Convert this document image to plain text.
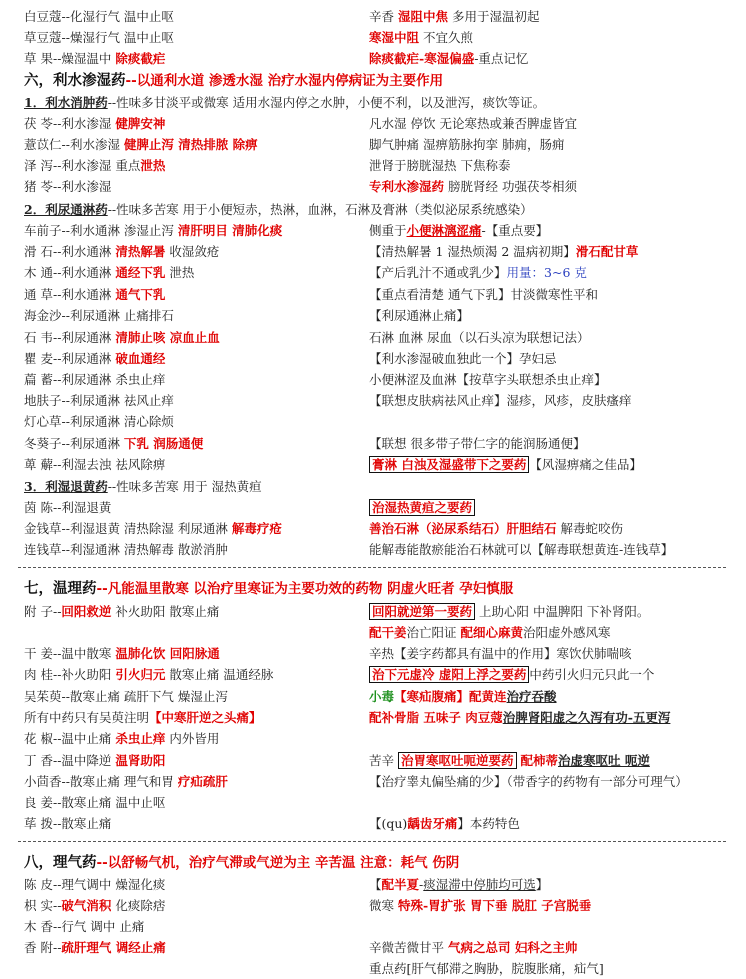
白豆蔻--化湿行气 温中止呕	辛香 湿阻中焦 多用于湿温初起
草豆蔻--燥湿行气 温中止呕	寒湿中阻 不宜久煎
草 果--燥湿温中 除痰截疟	除痰截疟-寒湿偏盛-重点记忆
六，利水渗湿药--以通利水道 渗透水湿 治疗水湿内停病证为主要作用
1．利水消肿药--性味多甘淡平或微寒 适用水湿内停之水肿，小便不利，以及泄泻，痰饮等证。
茯 苓--利水渗湿 健脾安神	凡水湿 停饮 无论寒热或兼否脾虚皆宜
薏苡仁--利水渗湿 健脾止泻 清热排脓 除痹	脚气肿痛 湿痹筋脉拘挛 肺痈，肠痈
泽 泻--利水渗湿 重点泄热	泄肾于膀胱湿热 下焦称泰
猪 苓--利水渗湿	专利水渗湿药 膀胱肾经 功强茯苓相须
2．利尿通淋药--性味多苦寒 用于小便短赤，热淋，血淋，石淋及膏淋（类似泌尿系统感染）
车前子--利水通淋 渗湿止泻 清肝明目 清肺化痰	侧重于小便淋漓涩痛-【重点要】
滑 石--利水通淋 清热解暑 收湿敛疮	【清热解暑 1 湿热烦渴 2 温病初期】滑石配甘草
木 通--利水通淋 通经下乳 泄热	【产后乳汁不通或乳少】用量：3~6 克
通 草--利水通淋 通气下乳	【重点看清楚 通气下乳】甘淡微寒性平和
海金沙--利尿通淋 止痛排石	【利尿通淋止痛】
石 韦--利尿通淋 清肺止咳 凉血止血	石淋 血淋 尿血（以石头凉为联想记法）
瞿 麦--利尿通淋 破血通经	【利水渗湿破血独此一个】孕妇忌
萹 蓄--利尿通淋 杀虫止痒	小便淋涩及血淋【按草字头联想杀虫止痒】
地肤子--利尿通淋 祛风止痒	【联想皮肤病祛风止痒】湿疹，风疹，皮肤瘙痒
灯心草--利尿通淋 清心除烦
冬葵子--利尿通淋 下乳 润肠通便	【联想 很多带子带仁字的能润肠通便】
萆 薢--利湿去浊 祛风除痹	膏淋 白浊及湿盛带下之要药 【风湿痹痛之佳品】
3．利湿退黄药--性味多苦寒 用于 湿热黄疸
茵 陈--利湿退黄	治湿热黄疸之要药
金钱草--利湿退黄 清热除湿 利尿通淋 解毒疗疮	善治石淋（泌尿系结石）肝胆结石 解毒蛇咬伤
连钱草--利湿通淋 清热解毒 散淤消肿	能解毒能散瘀能治石林就可以【解毒联想黄连-连钱草】
七，温理药--凡能温里散寒 以治疗里寒证为主要功效的药物 阴虚火旺者 孕妇慎服
附 子--回阳救逆 补火助阳 散寒止痛	回阳就逆第一要药 上助心阳 中温脾阳 下补肾阳。
配干姜治亡阳证 配细心麻黄治阳虚外感风寒
干 姜--温中散寒 温肺化饮 回阳脉通	辛热【姜字药都具有温中的作用】寒饮伏肺喘咳
肉 桂--补火助阳 引火归元 散寒止痛 温通经脉	治下元虚冷 虚阳上浮之要药 中药引火归元只此一个
吴茱萸--散寒止痛 疏肝下气 燥湿止泻	小毒【寒疝腹痛】配黄连治疗吞酸
所有中药只有吴萸注明【中寒肝逆之头痛】	配补骨脂 五味子 肉豆蔻治脾肾阳虚之久泻有功-五更泻
花 椒--温中止痛 杀虫止痒 内外皆用
丁 香--温中降逆 温肾助阳	苦辛 治胃寒呕吐呃逆要药 配柿蒂治虚寒呕吐 呃逆
小茴香--散寒止痛 理气和胃 疗疝疏肝	【治疗睾丸偏坠痛的少】（带香字的药物有一部分可理气）
良 姜--散寒止痛 温中止呕
荜 拨--散寒止痛	【(qu)龋齿牙痛】本药特色
八，理气药--以舒畅气机，治疗气滞或气逆为主 辛苦温 注意：耗气 伤阴
陈 皮--理气调中 燥湿化痰	【配半夏-痰湿滞中停肺均可选】
枳 实--破气消积 化痰除痞	微寒 特殊-胃扩张 胃下垂 脱肛 子宫脱垂
木 香--行气 调中 止痛
香 附--疏肝理气 调经止痛	辛微苦微甘平 气病之总司 妇科之主帅
重点药[肝气郁滞之胸胁，脘腹胀痛，疝气]
